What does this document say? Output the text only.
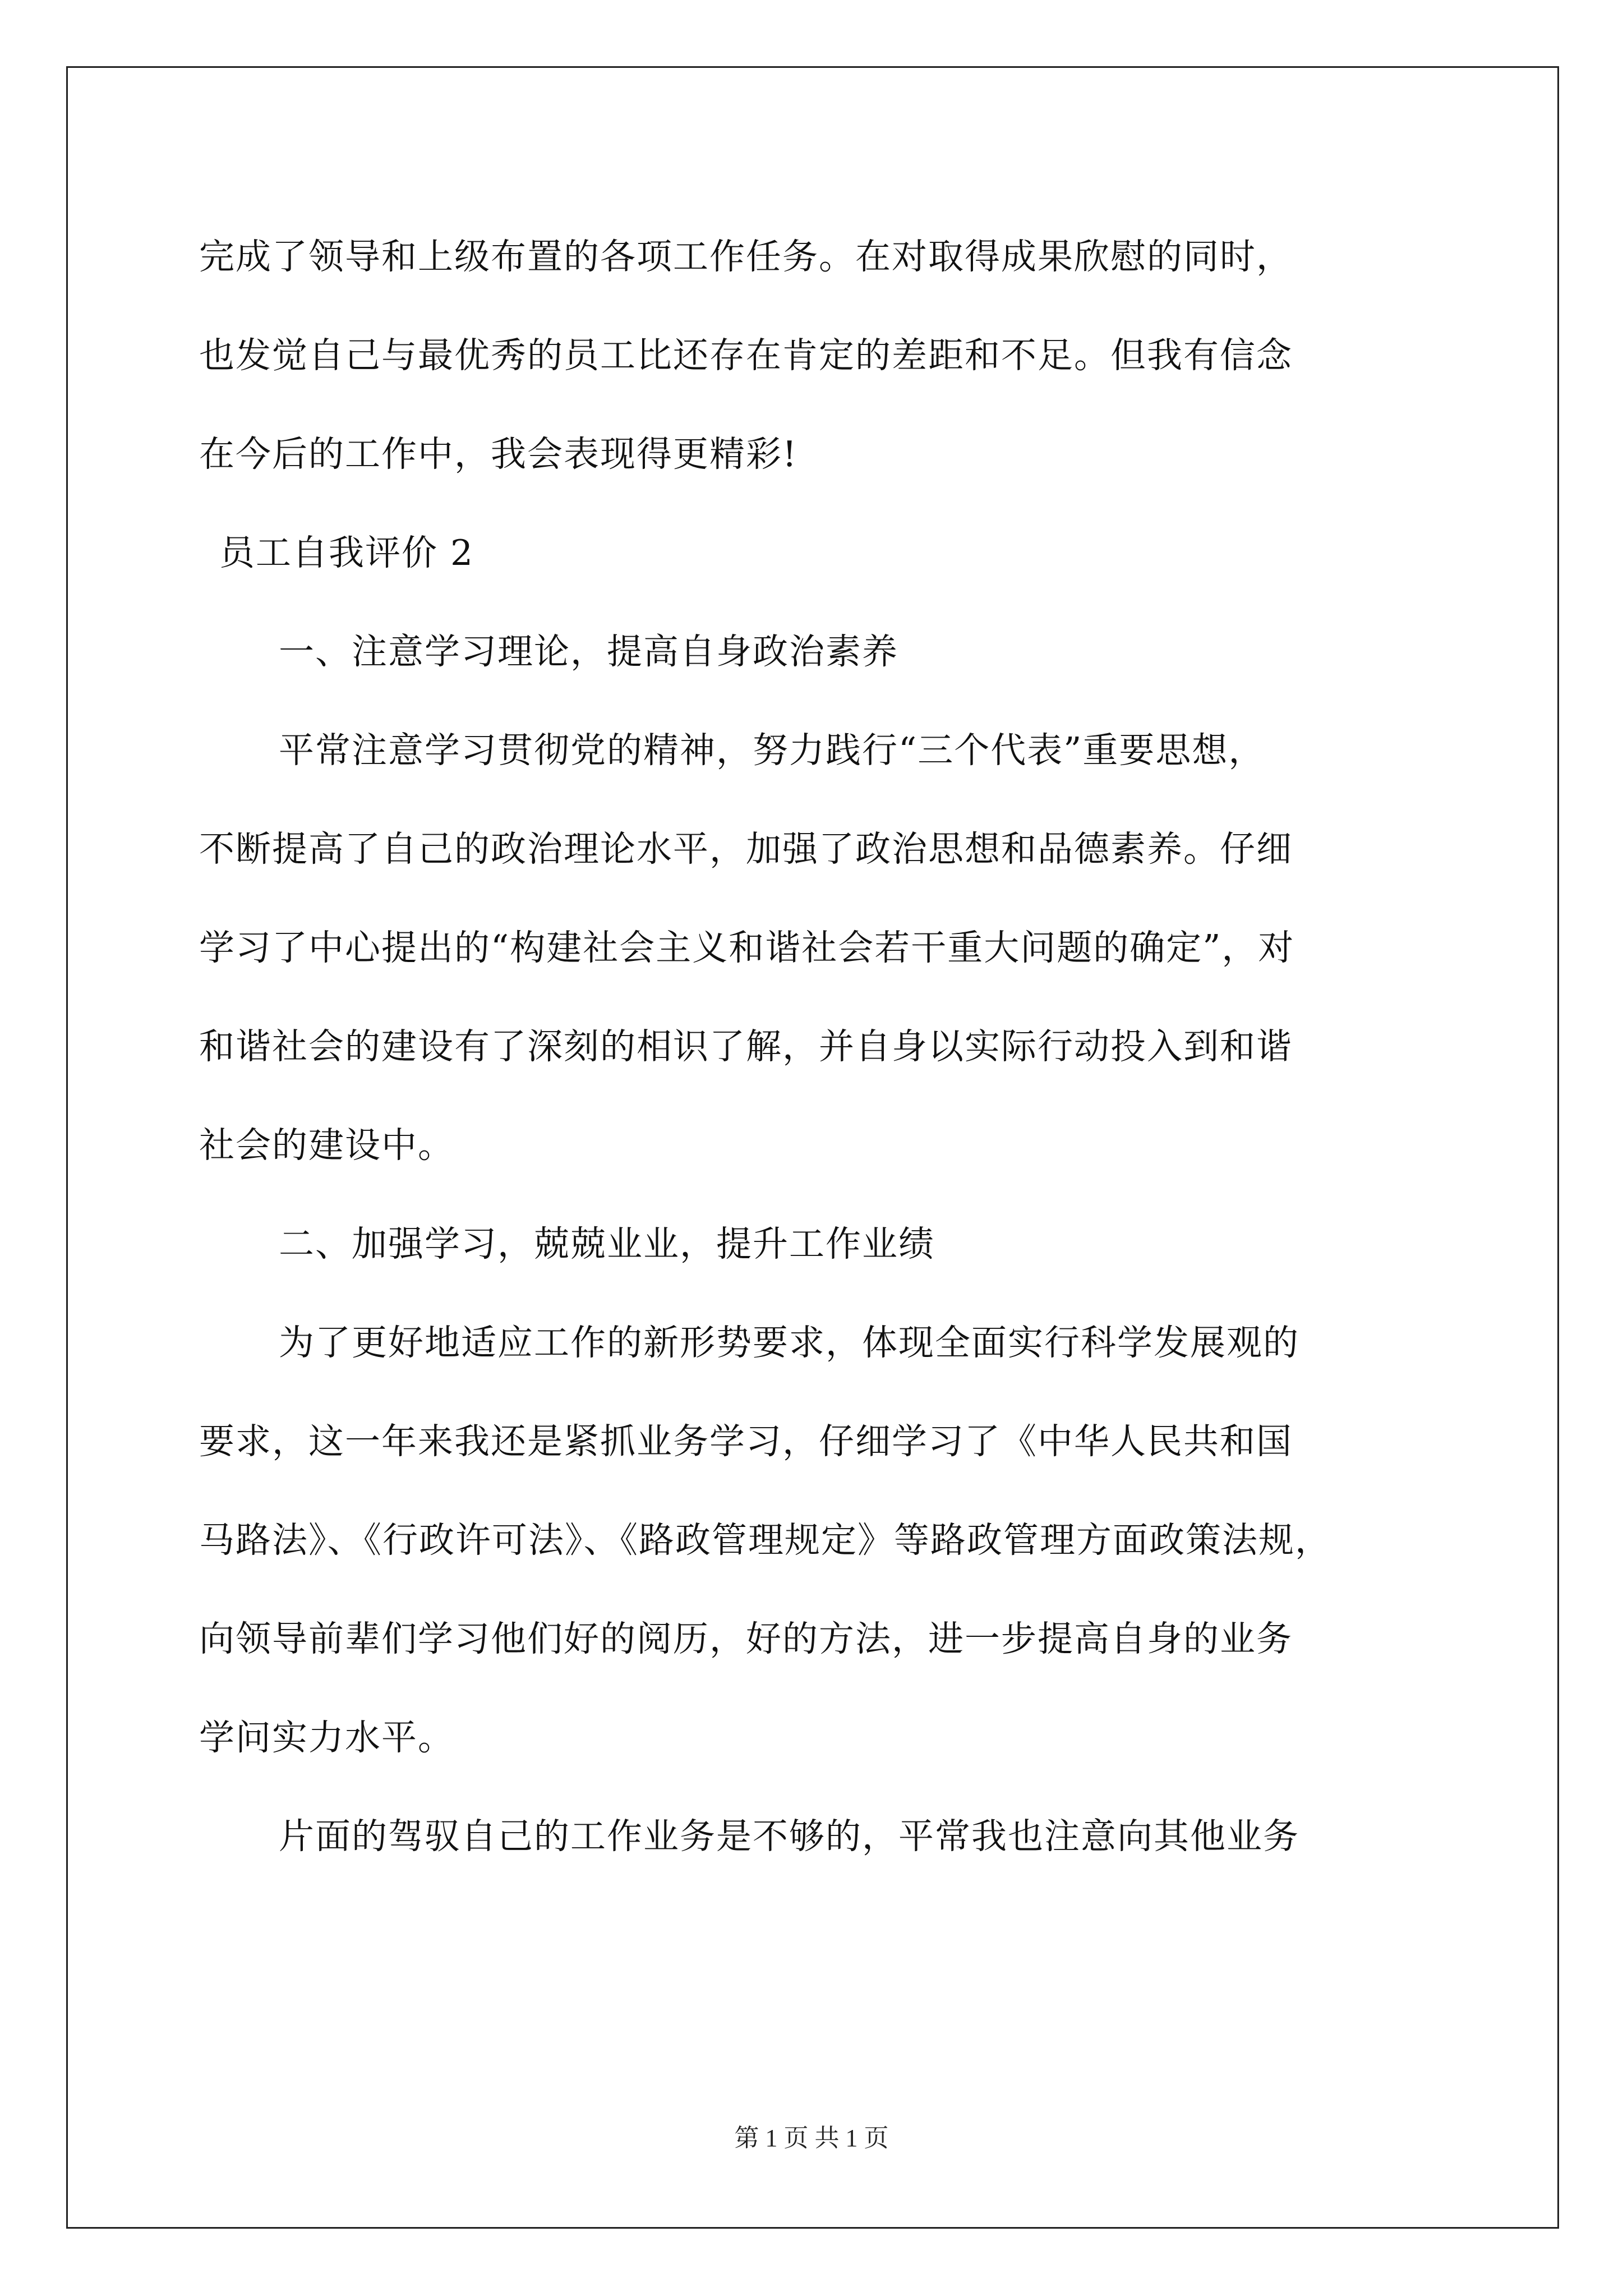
完成了领导和上级布置的各项工作任务。在对取得成果欣慰的同时，
也发觉自己与最优秀的员工比还存在肯定的差距和不足。但我有信念
在今后的工作中，我会表现得更精彩!
员工自我评价 2
一、注意学习理论，提高自身政治素养
平常注意学习贯彻党的精神，努力践行“三个代表”重要思想，
不断提高了自己的政治理论水平，加强了政治思想和品德素养。仔细
学习了中心提出的“构建社会主义和谐社会若干重大问题的确定”，对
和谐社会的建设有了深刻的相识了解，并自身以实际行动投入到和谐
社会的建设中。
二、加强学习，兢兢业业，提升工作业绩
为了更好地适应工作的新形势要求，体现全面实行科学发展观的
要求，这一年来我还是紧抓业务学习，仔细学习了《中华人民共和国
马路法》、《行政许可法》、《路政管理规定》等路政管理方面政策法规，
向领导前辈们学习他们好的阅历，好的方法，进一步提高自身的业务
学问实力水平。
片面的驾驭自己的工作业务是不够的，平常我也注意向其他业务
第 1 页 共 1 页
